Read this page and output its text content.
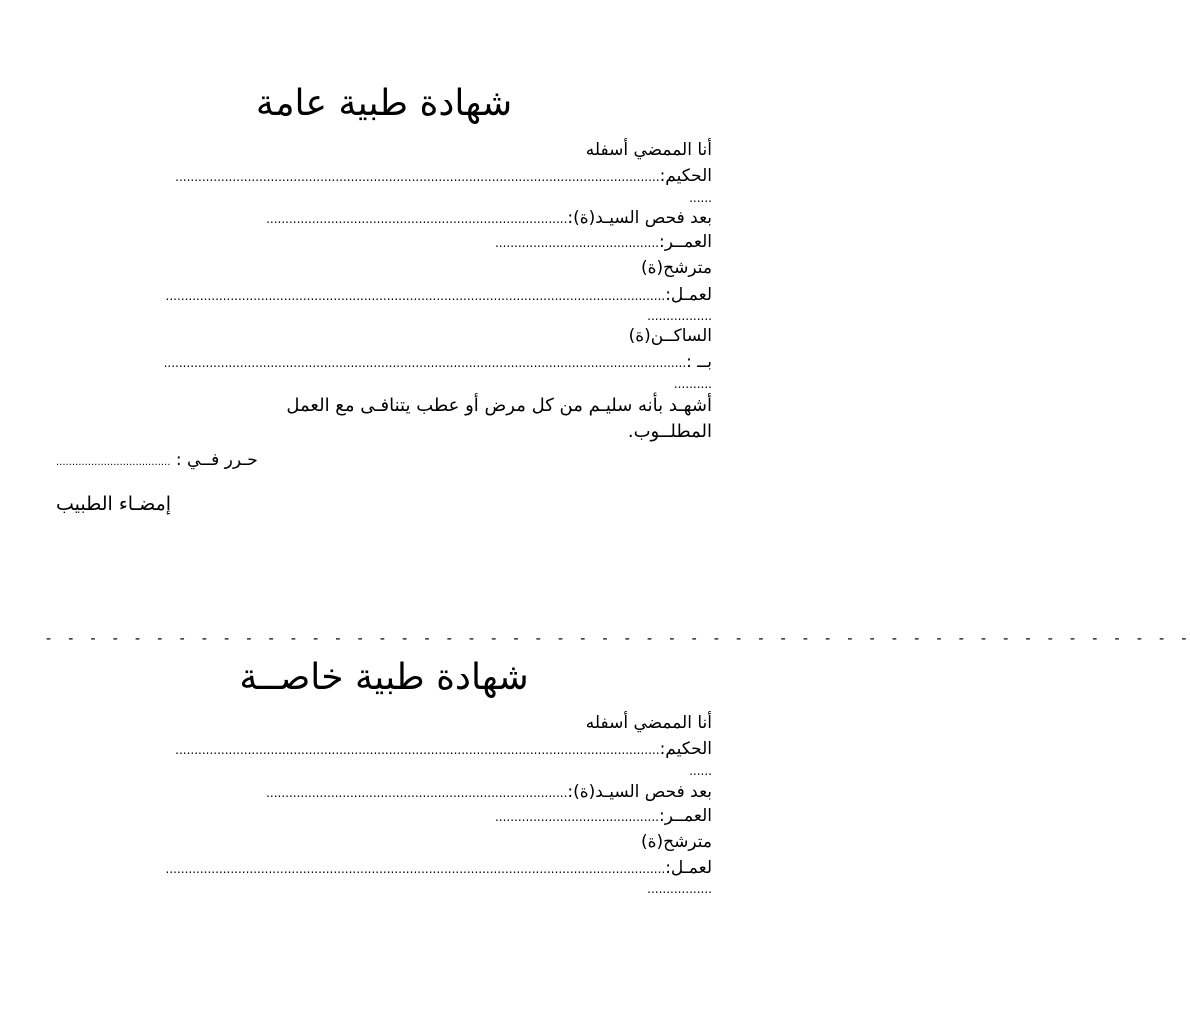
شهادة طبية عامة
أنا الممضي أسفله
الحكيم:...............................................................................................................................
......
بعد فحص السيـد(ة):...............................................................................
العمــر:...........................................
مترشح(ة)
لعمـل:...................................................................................................................................
.................
الساكــن(ة)
بــ :.........................................................................................................................................
..........
أشهـد بأنه سليـم من كل مرض أو عطب يتنافـى مع العمل
المطلــوب.
.................................... : حـرر فــي
إمضـاء الطبيب
- - - - - - - - - - - - - - - - - - - - - - - - - - - - - - - - - - - - - - - - - - - - - - - - - - - -
شهادة طبية خاصــة
أنا الممضي أسفله
الحكيم:...............................................................................................................................
......
بعد فحص السيـد(ة):...............................................................................
العمــر:...........................................
مترشح(ة)
لعمـل:...................................................................................................................................
.................
